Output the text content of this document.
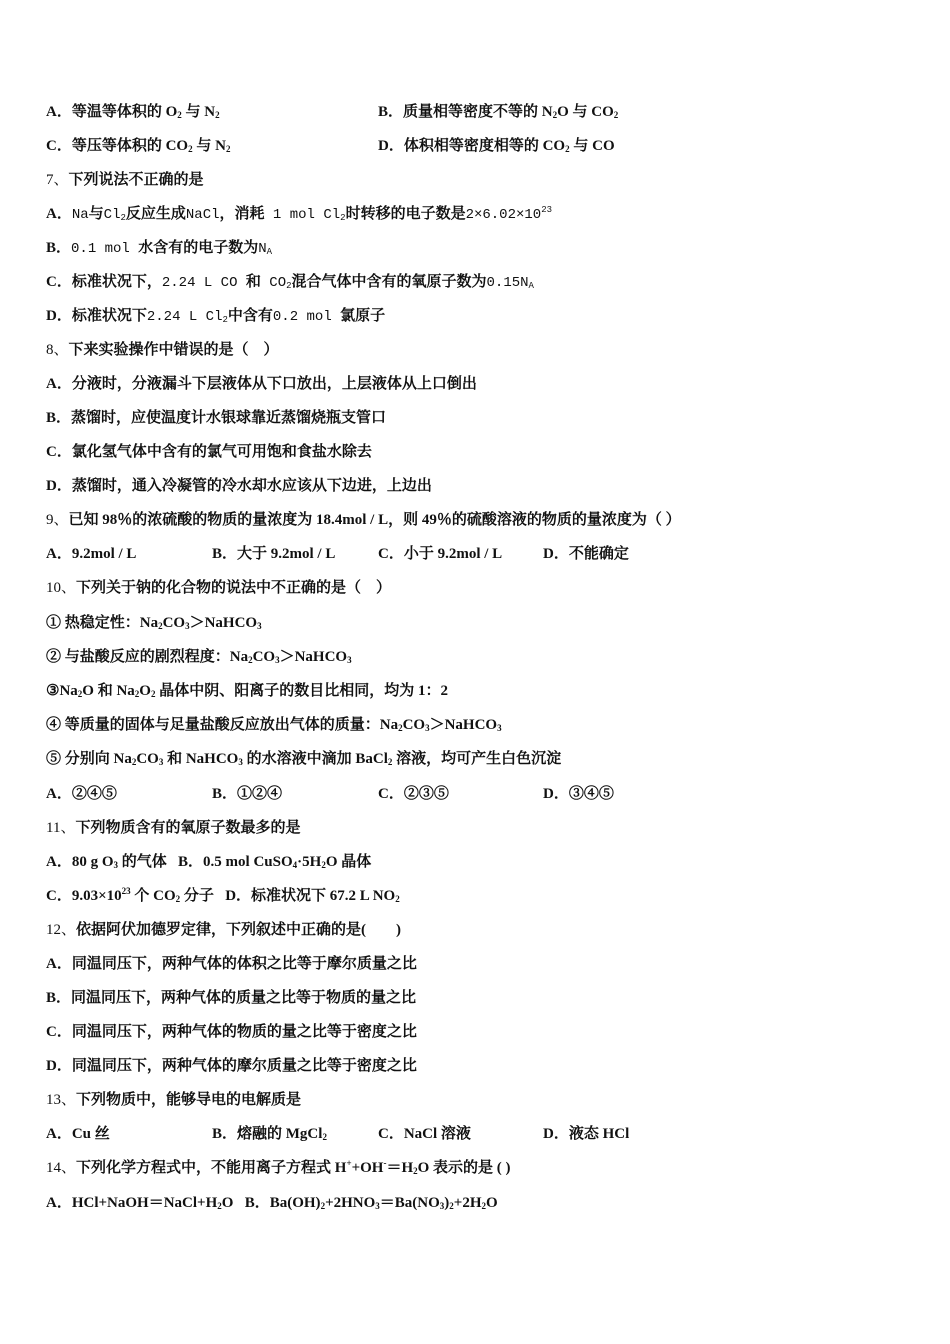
A．等温等体积的 $O_2$ 与 $N_2$	B．质量相等密度不等的 $N_2O$ 与 $CO_2$
C．等压等体积的 $CO_2$ 与 $N_2$	D．体积相等密度相等的 $CO_2$ 与 CO
7、下列说法不正确的是
A．Na与$Cl_2$反应生成NaCl，消耗 1 mol $Cl_2$时转移的电子数是$2\times 6.02\times 10^{23}$
B．0.1 mol 水含有的电子数为$N_A$
C．标准状况下，2.24 L CO 和 $CO_2$混合气体中含有的氧原子数为$0.15N_A$
D．标准状况下2.24 L $Cl_2$中含有0.2 mol 氯原子
8、下来实验操作中错误的是（　）
A．分液时，分液漏斗下层液体从下口放出，上层液体从上口倒出
B．蒸馏时，应使温度计水银球靠近蒸馏烧瓶支管口
C．氯化氢气体中含有的氯气可用饱和食盐水除去
D．蒸馏时，通入冷凝管的冷水却水应该从下边进，上边出
9、已知 98％的浓硫酸的物质的量浓度为 18.4mol / L，则 49％的硫酸溶液的物质的量浓度为（ ）
A．9.2mol / L	B．大于 9.2mol / L	C．小于 9.2mol / L	D．不能确定
10、下列关于钠的化合物的说法中不正确的是（　）
① 热稳定性：$Na_2CO_3>NaHCO_3$
② 与盐酸反应的剧烈程度：$Na_2CO_3>NaHCO_3$
$③Na_2O$ 和 $Na_2O_2$ 晶体中阴、阳离子的数目比相同，均为 1：2
④ 等质量的固体与足量盐酸反应放出气体的质量：$Na_2CO_3>NaHCO_3$
⑤ 分别向 $Na_2CO_3$ 和 NaHCO$_3$ 的水溶液中滴加 BaCl$_2$ 溶液，均可产生白色沉淀
A．②④⑤	B．①②④	C．②③⑤	D．③④⑤
11、下列物质含有的氧原子数最多的是
A．80 g $O_3$ 的气体   B．0.5 mol $CuSO_4\cdot 5H_2O$ 晶体
C．$9.03\times 10^{23}$ 个 $CO_2$ 分子   D．标准状况下 67.2 L $NO_2$
12、依据阿伏加德罗定律，下列叙述中正确的是(　　)
A．同温同压下，两种气体的体积之比等于摩尔质量之比
B．同温同压下，两种气体的质量之比等于物质的量之比
C．同温同压下，两种气体的物质的量之比等于密度之比
D．同温同压下，两种气体的摩尔质量之比等于密度之比
13、下列物质中，能够导电的电解质是
A．Cu 丝	B．熔融的 MgCl$_2$	C．NaCl 溶液	D．液态 HCl
14、下列化学方程式中，不能用离子方程式 $H^++OH^-=H_2O$ 表示的是 ( )
A．$HCl+NaOH=NaCl+H_2O$   B．$Ba(OH)_2+2HNO_3=Ba(NO_3)_2+2H_2O$
